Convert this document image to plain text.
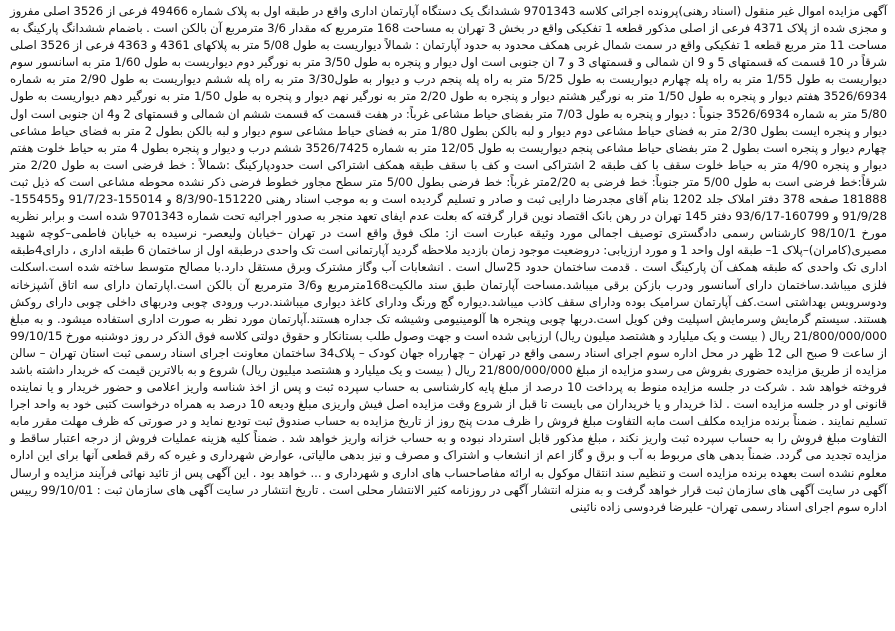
آگهی مزایده اموال غیر منقول (اسناد رهنی)پرونده اجرائی کلاسه 9701343 ششدانگ یک دستگاه آپارتمان اداری واقع در طبقه اول به پلاک شماره 49466 فرعی از 3526 اصلی مفروز و مجزی شده از پلاک 4371 فرعی از اصلی مذکور قطعه 1 تفکیکی واقع در بخش 3 تهران به مساحت 168 مترمربع که مقدار 3/6 مترمربع آن بالکن است . باضمام ششدانگ پارکینگ به مساحت 11 متر مربع قطعه 1 تفکیکی واقع در سمت شمال غربی همکف محدود به حدود آپارتمان : شمالاً دیواریست به طول 5/08 متر به پلاکهای 4361 و 4363 فرعی از 3526 اصلی شرقاً در 10 قسمت که قسمتهای 5 و 9 ان شمالی و قسمتهای 3 و 7 ان جنوبی است اول دیوار و پنجره به طول 3/50 متر به نورگیر دوم دیواریست به طول 1/60 متر به اسانسور سوم دیواریست به طول 1/55 متر به راه پله چهارم دیواریست به طول 5/25 متر به راه پله پنجم درب و دیوار به طول3/30 متر به راه پله ششم دیواریست به طول 2/90 متر به شماره 3526/6934 هفتم دیوار و پنجره به طول 1/50 متر به نورگیر هشتم دیوار و پنجره به طول 2/20 متر به نورگیر نهم دیوار و پنجره به طول 1/50 متر به نورگیر دهم دیواریست به طول 5/80 متر به شماره 3526/6934 جنوباً : دیوار و پنجره به طول 7/03 متر بفضای حیاط مشاعی غرباً: در هفت قسمت که قسمت ششم ان شمالی و قسمتهای 2 و4 ان جنوبی است اول دیوار و پنجره ایست بطول 2/30 متر به فضای حیاط مشاعی دوم دیوار و لبه بالکن بطول 1/80 متر به فضای حیاط مشاعی سوم دیوار و لبه بالکن بطول 2 متر به فضای حیاط مشاعی چهارم دیوار و پنجره است بطول 2 متر بفضای حیاط مشاعی پنجم دیواریست به طول 12/05 متر به شماره 3526/7425 ششم درب و دیوار و پنجره بطول 4 متر به حیاط خلوت هفتم دیوار و پنجره 4/90 متر به حیاط خلوت سقف با کف طبقه 2 اشتراکی است و کف با سقف طبقه همکف اشتراکی است حدودپارکینگ :شمالاً : خط فرضی است به طول 2/20 متر شرقاً:خط فرضی است به طول 5/00 متر جنوباً: خط فرضی به 2/20متر غرباً: خط فرضی بطول 5/00 متر سطح مجاور خطوط فرضی ذکر نشده محوطه مشاعی است که ذیل ثبت 181888 صفحه 378 دفتر املاک جلد 1202 بنام آقای مجدرضا دارایی ثبت و صادر و تسلیم گردیده است و به موجب اسناد رهنی 151220-8/3/90 و 155014-91/7/23 و155455-91/9/28 و 160799-93/6/17 دفتر 145 تهران در رهن بانک اقتصاد نوین قرار گرفته که بعلت عدم ایفای تعهد منجر به صدور اجرائیه تحت شماره 9701343 شده است و برابر نظریه مورخ 98/10/1 کارشناس رسمی دادگستری توصیف اجمالی مورد وثیقه عبارت است از: ملک فوق واقع است در تهران –خیابان ولیعصر- نرسیده به خیابان فاطمی–کوچه شهید مصیری(کامران)–پلاک 1– طبقه اول واحد 1 و مورد ارزیابی: دروضعیت موجود زمان بازدید ملاحظه گردید آپارتمانی است تک واحدی درطبقه اول از ساختمان 6 طبقه اداری ، دارای4طبقه اداری تک واحدی که طبقه همکف آن پارکینگ است . قدمت ساختمان حدود 25سال است . انشعابات آب وگاز مشترک وبرق مستقل دارد.با مصالح متوسط ساخته شده است.اسکلت فلزی میباشد.ساختمان دارای آسانسور ودرب بازکن برقی میباشد.مساحت آپارتمان طبق سند مالکیت168مترمربع و3/6 مترمربع آن بالکن است.اپارتمان دارای سه اتاق آشپزخانه ودوسرویس بهداشتی است.کف آپارتمان سرامیک بوده ودارای سقف کاذب میباشد.دیواره گچ ورنگ ودارای کاغذ دیواری میباشند.درب ورودی چوبی ودربهای داخلی چوبی دارای روکش هستند. سیستم گرمایش وسرمایش اسپلیت وفن کویل است.دربها چوبی وپنجره ها آلومینیومی وشیشه تک جداره هستند.آپارتمان مورد نظر به صورت اداری استفاده میشود. و به مبلغ 21/800/000/000 ریال ( بیست و یک میلیارد و هشتصد میلیون ریال) ارزیابی شده است و جهت وصول طلب بستانکار و حقوق دولتی کلاسه فوق الذکر در روز دوشنبه مورخ 99/10/15 از ساعت 9 صبح الی 12 ظهر در محل اداره سوم اجرای اسناد رسمی واقع در تهران – چهارراه جهان کودک – پلاک34 ساختمان معاونت اجرای اسناد رسمی ثبت استان تهران – سالن مزایده از طریق مزایده حضوری بفروش می رسدو مزایده از مبلغ 21/800/000/000 ریال ( بیست و یک میلیارد و هشتصد میلیون ریال) شروع و به بالاترین قیمت که خریدار داشته باشد فروخته خواهد شد . شرکت در جلسه مزایده منوط به پرداخت 10 درصد از مبلغ پایه کارشناسی به حساب سپرده ثبت و پس از اخذ شناسه واریز اعلامی و حضور خریدار و یا نماینده قانونی او در جلسه مزایده است . لذا خریدار و یا خریداران می بایست تا قبل از شروع وقت مزایده اصل فیش واریزی مبلغ ودیعه 10 درصد به همراه درخواست کتبی خود به واحد اجرا تسلیم نمایند . ضمناً برنده مزایده مکلف است مابه التفاوت مبلغ فروش را ظرف مدت پنج روز از تاریخ مزایده به حساب صندوق ثبت تودیع نماید و در صورتی که ظرف مهلت مقرر مابه التفاوت مبلغ فروش را به حساب سپرده ثبت واریز نکند ، مبلغ مذکور قابل استرداد نبوده و به حساب خزانه واریز خواهد شد . ضمناً کلیه هزینه عملیات فروش از درجه اعتبار ساقط و مزایده تجدید می گردد. ضمناً بدهی های مربوط به آب و برق و گاز اعم از انشعاب و اشتراک و مصرف و نیز بدهی مالیاتی، عوارض شهرداری و غیره که رقم قطعی آنها برای این اداره معلوم نشده است بعهده برنده مزایده است و تنظیم سند انتقال موکول به ارائه مفاصاحساب های اداری و شهرداری و ... خواهد بود . این آگهی پس از تائید نهائی فرآیند مزایده و ارسال آگهی در سایت آگهی های سازمان ثبت قرار خواهد گرفت و به منزله انتشار آگهی در روزنامه کثیر الانتشار محلی است . تاریخ انتشار در سایت آگهی های سازمان ثبت : 99/10/01 رییس اداره سوم اجرای اسناد رسمی تهران- علیرضا فردوسی زاده نائینی
